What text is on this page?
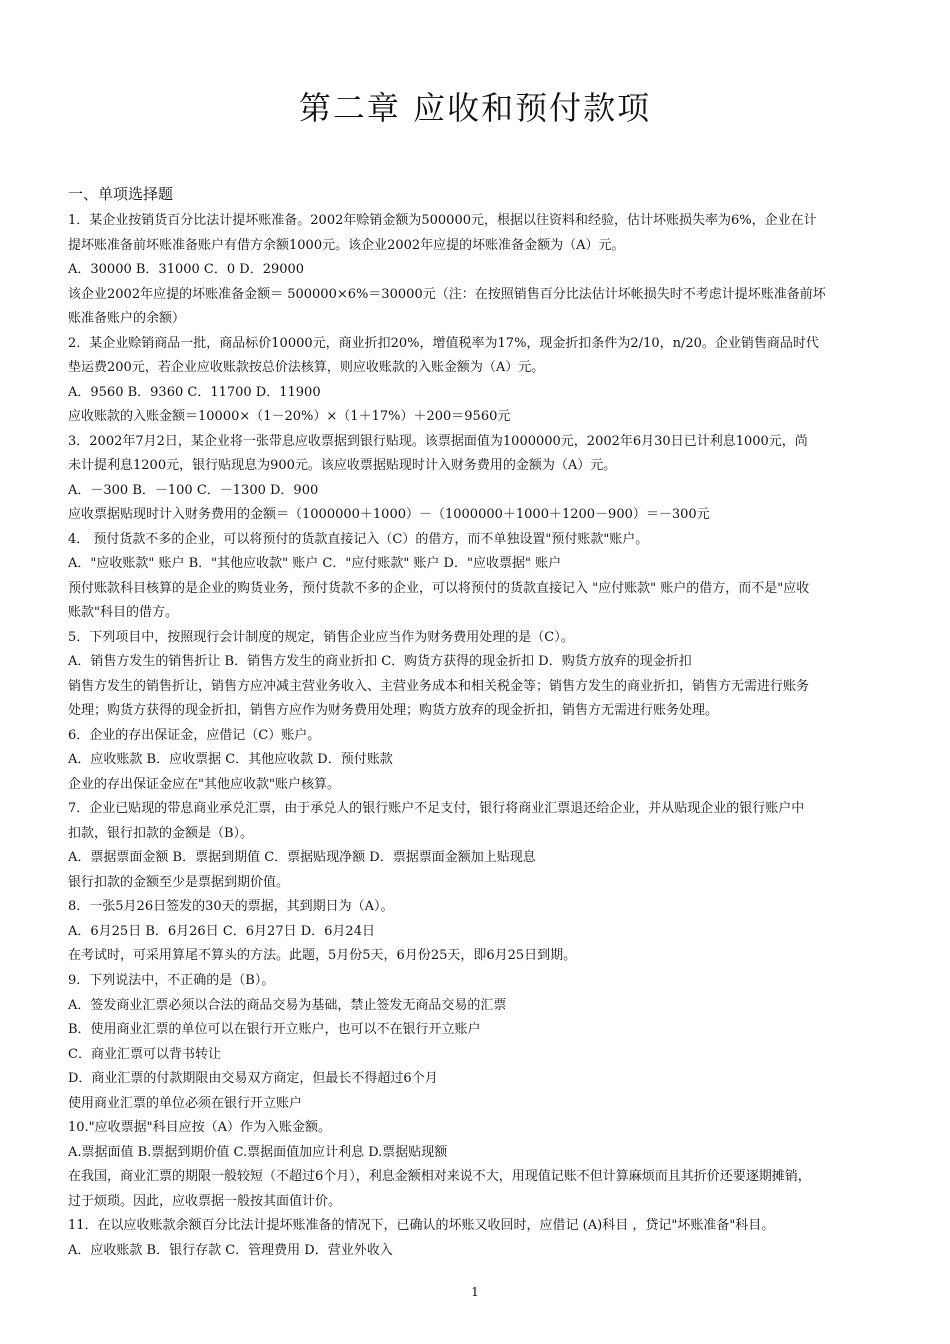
第二章 应收和预付款项
一、单项选择题
1．某企业按销货百分比法计提坏账准备。2002年赊销金额为500000元，根据以往资料和经验，估计坏账损失率为6%，企业在计
提坏账准备前坏账准备账户有借方余额1000元。该企业2002年应提的坏账准备金额为（A）元。
A．30000 B．31000 C．0 D．29000
该企业2002年应提的坏账准备金额＝ 500000×6%＝30000元（注：在按照销售百分比法估计坏帐损失时不考虑计提坏账准备前坏
账准备账户的余额）
2．某企业赊销商品一批，商品标价10000元，商业折扣20%，增值税率为17%，现金折扣条件为2/10，n/20。企业销售商品时代
垫运费200元，若企业应收账款按总价法核算，则应收账款的入账金额为（A）元。
A．9560 B．9360 C．11700 D．11900
应收账款的入账金额＝10000×（1－20%）×（1＋17%）＋200＝9560元
3．2002年7月2日，某企业将一张带息应收票据到银行贴现。该票据面值为1000000元，2002年6月30日已计利息1000元，尚
未计提利息1200元，银行贴现息为900元。该应收票据贴现时计入财务费用的金额为（A）元。
A．－300 B．－100 C．－1300 D．900
应收票据贴现时计入财务费用的金额＝（1000000＋1000）－（1000000＋1000＋1200－900）＝－300元
4． 预付货款不多的企业，可以将预付的货款直接记入（C）的借方，而不单独设置"预付账款"账户。
A．"应收账款" 账户 B．"其他应收款" 账户 C．"应付账款" 账户 D．"应收票据" 账户
预付账款科目核算的是企业的购货业务，预付货款不多的企业，可以将预付的货款直接记入 "应付账款" 账户的借方，而不是"应收
账款"科目的借方。
5．下列项目中，按照现行会计制度的规定，销售企业应当作为财务费用处理的是（C）。
A．销售方发生的销售折让 B．销售方发生的商业折扣 C．购货方获得的现金折扣 D．购货方放弃的现金折扣
销售方发生的销售折让，销售方应冲减主营业务收入、主营业务成本和相关税金等；销售方发生的商业折扣，销售方无需进行账务
处理；购货方获得的现金折扣，销售方应作为财务费用处理；购货方放弃的现金折扣，销售方无需进行账务处理。
6．企业的存出保证金，应借记（C）账户。
A．应收账款 B．应收票据 C．其他应收款 D．预付账款
企业的存出保证金应在"其他应收款"账户核算。
7．企业已贴现的带息商业承兑汇票，由于承兑人的银行账户不足支付，银行将商业汇票退还给企业，并从贴现企业的银行账户中
扣款，银行扣款的金额是（B）。
A．票据票面金额 B．票据到期值 C．票据贴现净额 D．票据票面金额加上贴现息
银行扣款的金额至少是票据到期价值。
8．一张5月26日签发的30天的票据，其到期日为（A）。
A．6月25日 B．6月26日 C．6月27日 D．6月24日
在考试时，可采用算尾不算头的方法。此题，5月份5天，6月份25天，即6月25日到期。
9．下列说法中，不正确的是（B）。
A．签发商业汇票必须以合法的商品交易为基础，禁止签发无商品交易的汇票
B．使用商业汇票的单位可以在银行开立账户，也可以不在银行开立账户
C．商业汇票可以背书转让
D．商业汇票的付款期限由交易双方商定，但最长不得超过6个月
使用商业汇票的单位必须在银行开立账户
10."应收票据"科目应按（A）作为入账金额。
A.票据面值 B.票据到期价值 C.票据面值加应计利息 D.票据贴现额
在我国，商业汇票的期限一般较短（不超过6个月），利息金额相对来说不大，用现值记账不但计算麻烦而且其折价还要逐期摊销，
过于烦琐。因此，应收票据一般按其面值计价。
11．在以应收账款余额百分比法计提坏账准备的情况下，已确认的坏账又收回时，应借记 (A)科目 ，贷记"坏账准备"科目。
A．应收账款 B．银行存款 C．管理费用 D．营业外收入
1
